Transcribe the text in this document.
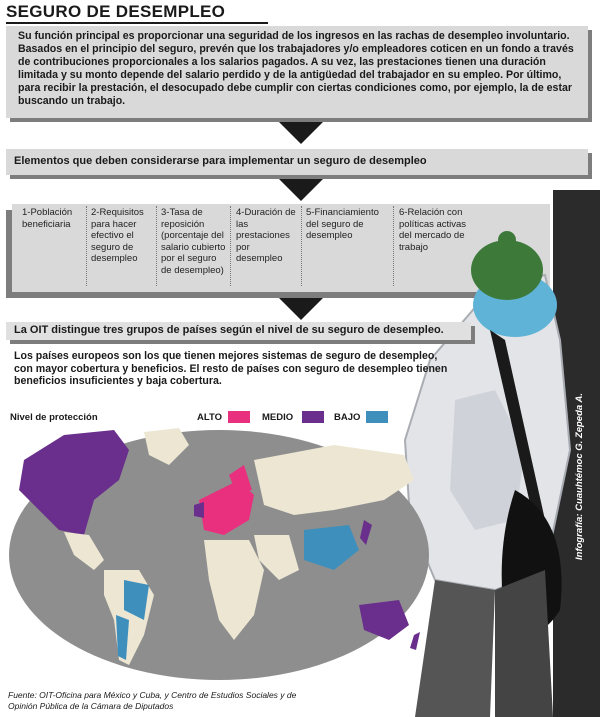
SEGURO DE DESEMPLEO
Su función principal es proporcionar una seguridad de los ingresos en las rachas de desempleo involuntario. Basados en el principio del seguro, prevén que los trabajadores y/o empleadores coticen en un fondo a través de contribuciones proporcionales a los salarios pagados. A su vez, las prestaciones tienen una duración limitada y su monto depende del salario perdido y de la antigüedad del trabajador en su empleo. Por último, para recibir la prestación, el desocupado debe cumplir con ciertas condiciones como, por ejemplo, la de estar buscando un trabajo.
Elementos que deben considerarse para implementar un seguro de desempleo
1-Población beneficiaria
2-Requisitos para hacer efectivo el seguro de desempleo
3-Tasa de reposición (porcentaje del salario cubierto por el seguro de desempleo)
4-Duración de las prestaciones por desempleo
5-Financiamiento del seguro de desempleo
6-Relación con políticas activas del mercado de trabajo
Infografía: Cuauhtémoc G. Zepeda A.
La OIT distingue tres grupos de países según el nivel de su seguro de desempleo.
Los países europeos son los que tienen mejores sistemas de seguro de desempleo, con mayor cobertura y beneficios. El resto de países con seguro de desempleo tienen beneficios insuficientes y baja cobertura.
Nivel de protección	ALTO	MEDIO	BAJO
Fuente: OIT-Oficina para México y Cuba, y Centro de Estudios Sociales y de Opinión Pública de la Cámara de Diputados
